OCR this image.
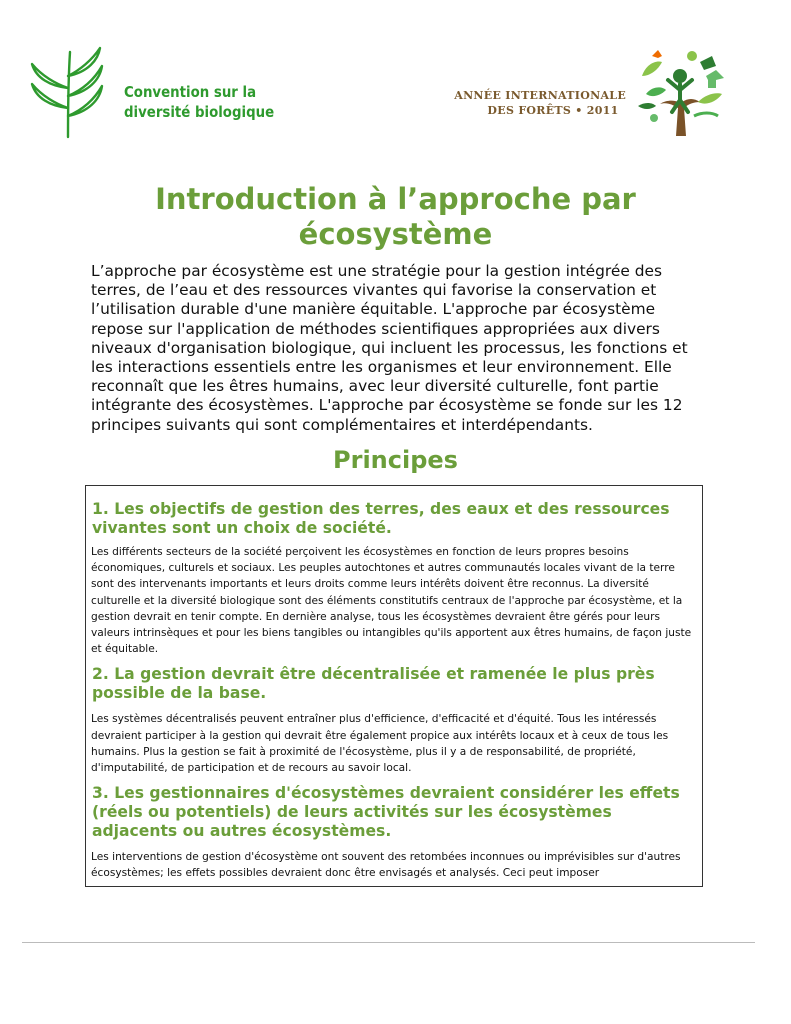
Convention sur la
diversité biologique
ANNÉE INTERNATIONALE
DES FORÊTS • 2011
Introduction à l’approche par écosystème

L’approche par écosystème est une stratégie pour la gestion intégrée des terres, de l’eau et des ressources vivantes qui favorise la conservation et l’utilisation durable d'une manière équitable. L'approche par écosystème repose sur l'application de méthodes scientifiques appropriées aux divers niveaux d'organisation biologique, qui incluent les processus, les fonctions et les interactions essentiels entre les organismes et leur environnement. Elle reconnaît que les êtres humains, avec leur diversité culturelle, font partie intégrante des écosystèmes. L'approche par écosystème se fonde sur les 12 principes suivants qui sont complémentaires et interdépendants.

Principes
1. Les objectifs de gestion des terres, des eaux et des ressources vivantes sont un choix de société.

Les différents secteurs de la société perçoivent les écosystèmes en fonction de leurs propres besoins économiques, culturels et sociaux. Les peuples autochtones et autres communautés locales vivant de la terre sont des intervenants importants et leurs droits comme leurs intérêts doivent être reconnus. La diversité culturelle et la diversité biologique sont des éléments constitutifs centraux de l'approche par écosystème, et la gestion devrait en tenir compte. En dernière analyse, tous les écosystèmes devraient être gérés pour leurs valeurs intrinsèques et pour les biens tangibles ou intangibles qu'ils apportent aux êtres humains, de façon juste et équitable.

2. La gestion devrait être décentralisée et ramenée le plus près possible de la base.

Les systèmes décentralisés peuvent entraîner plus d'efficience, d'efficacité et d'équité. Tous les intéressés devraient participer à la gestion qui devrait être également propice aux intérêts locaux et à ceux de tous les humains. Plus la gestion se fait à proximité de l'écosystème, plus il y a de responsabilité, de propriété, d'imputabilité, de participation et de recours au savoir local.

3. Les gestionnaires d'écosystèmes devraient considérer les effets (réels ou potentiels) de leurs activités sur les écosystèmes adjacents ou autres écosystèmes.

Les interventions de gestion d'écosystème ont souvent des retombées inconnues ou imprévisibles sur d'autres écosystèmes; les effets possibles devraient donc être envisagés et analysés. Ceci peut imposer
